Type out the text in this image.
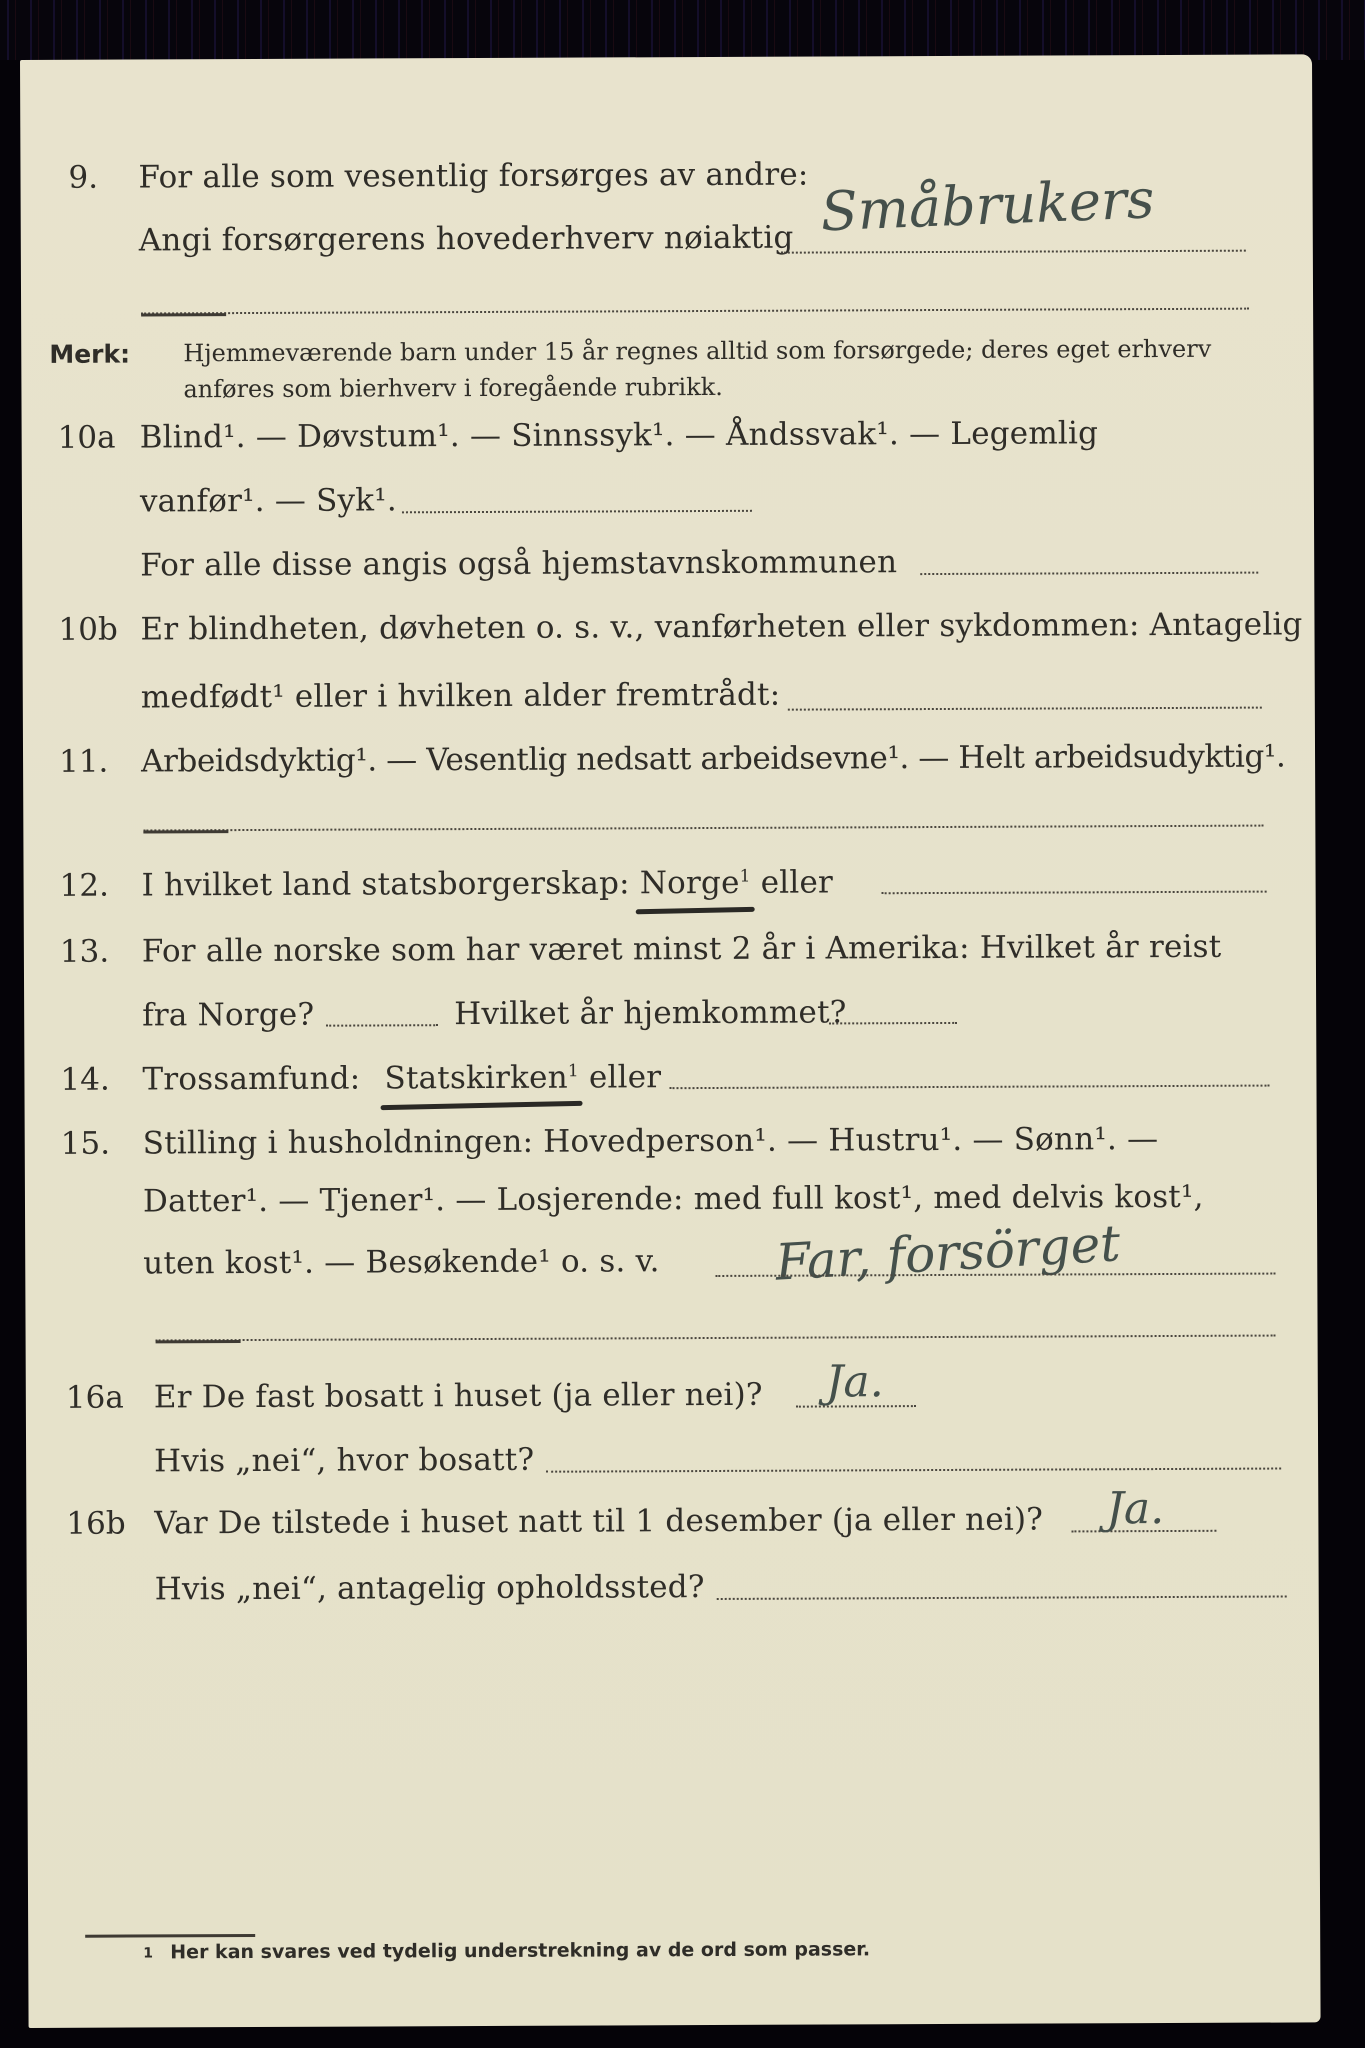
9. For alle som vesentlig forsørges av andre: Småbrukers
Angi forsørgerens hovederhverv nøiaktig
Merk: Hjemmeværende barn under 15 år regnes alltid som forsørgede; deres eget erhverv
anføres som bierhverv i foregående rubrikk.
10a Blind¹. — Døvstum¹. — Sinnssyk¹. — Åndssvak¹. — Legemlig
vanfør¹. — Syk¹.
For alle disse angis også hjemstavnskommunen
10b Er blindheten, døvheten o. s. v., vanførheten eller sykdommen: Antagelig
medfødt¹ eller i hvilken alder fremtrådt:
11. Arbeidsdyktig¹. — Vesentlig nedsatt arbeidsevne¹. — Helt arbeidsudyktig¹.
12. I hvilket land statsborgerskap: Norge$^1$ eller
13. For alle norske som har været minst 2 år i Amerika: Hvilket år reist
fra Norge?	Hvilket år hjemkommet?
14. Trossamfund: Statskirken$^1$ eller
15. Stilling i husholdningen: Hovedperson¹. — Hustru¹. — Sønn¹. —
Datter¹. — Tjener¹. — Losjerende: med full kost¹, med delvis kost¹,
uten kost¹. — Besøkende¹ o. s. v. Far, forsörget
16a Er De fast bosatt i huset (ja eller nei)? Ja.
Hvis „nei“, hvor bosatt?
16b Var De tilstede i huset natt til 1 desember (ja eller nei)? Ja.
Hvis „nei“, antagelig opholdssted?
1 Her kan svares ved tydelig understrekning av de ord som passer.
